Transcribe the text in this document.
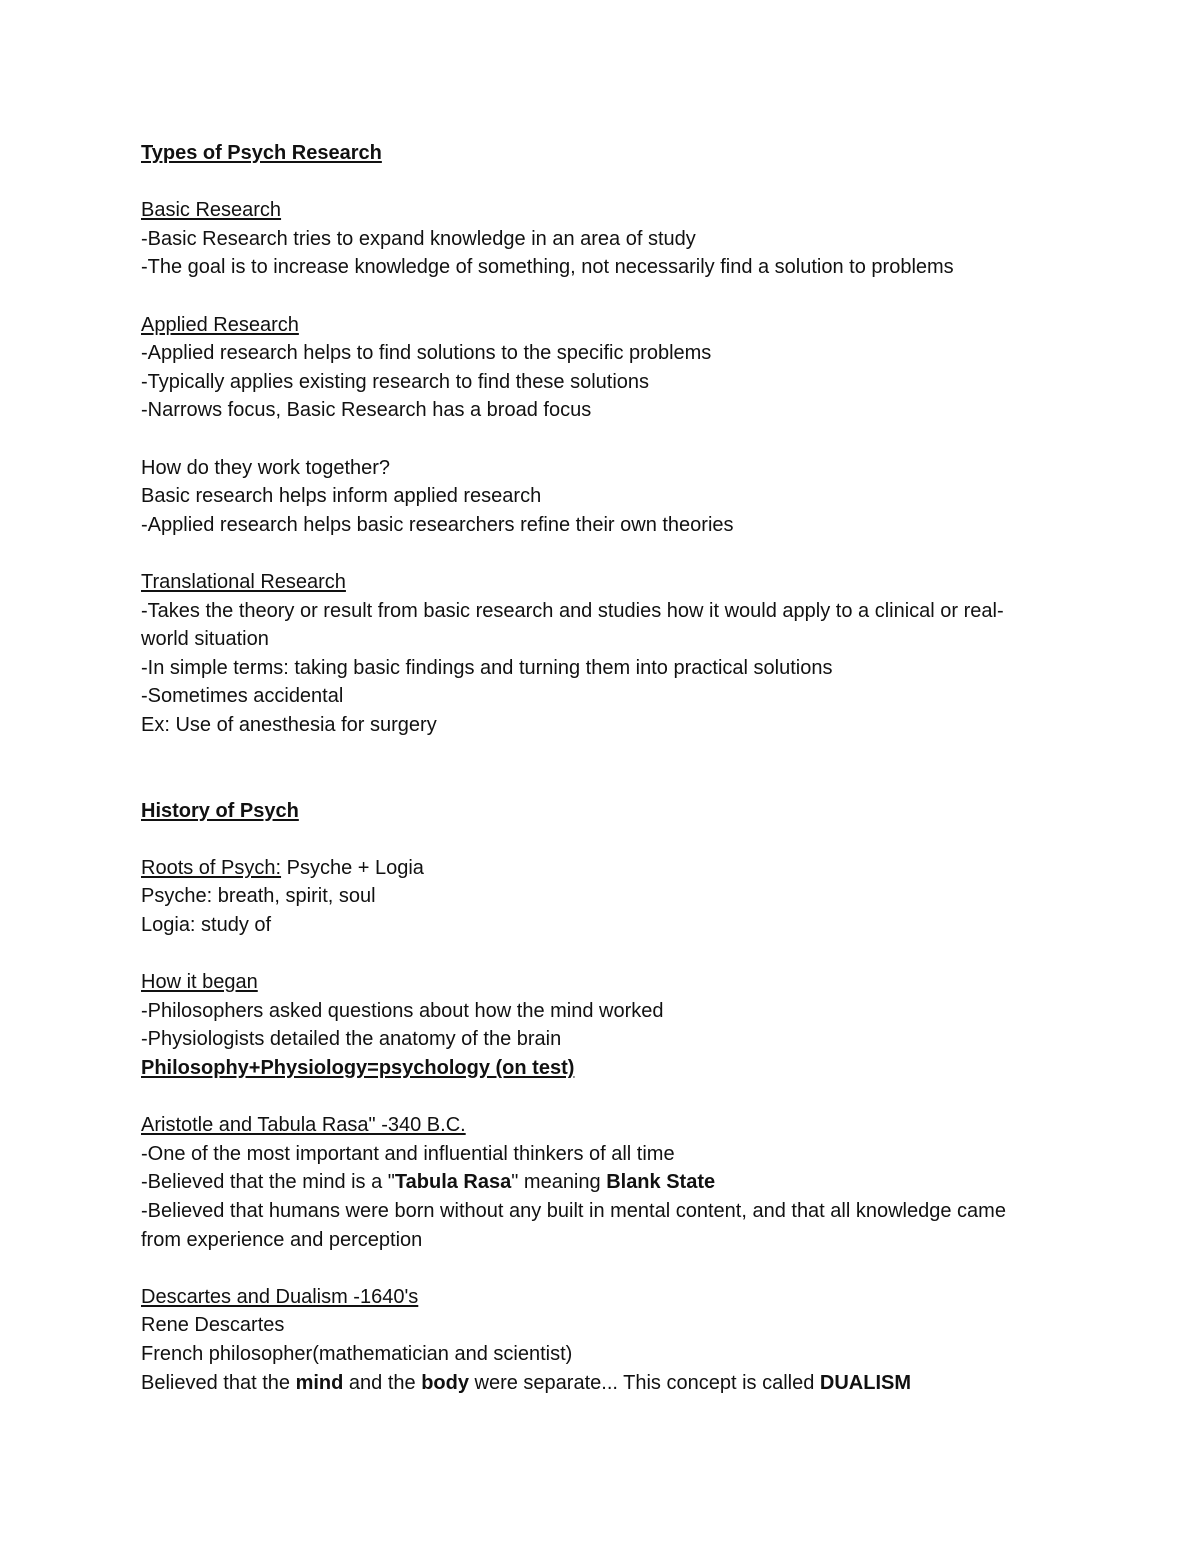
Types of Psych Research
Basic Research
-Basic Research tries to expand knowledge in an area of study
-The goal is to increase knowledge of something, not necessarily find a solution to problems
Applied Research
-Applied research helps to find solutions to the specific problems
-Typically applies existing research to find these solutions
-Narrows focus, Basic Research has a broad focus
How do they work together?
Basic research helps inform applied research
-Applied research helps basic researchers refine their own theories
Translational Research
-Takes the theory or result from basic research and studies how it would apply to a clinical or real-world situation
-In simple terms: taking basic findings and turning them into practical solutions
-Sometimes accidental
Ex: Use of anesthesia for surgery
History of Psych
Roots of Psych: Psyche + Logia
Psyche: breath, spirit, soul
Logia: study of
How it began
-Philosophers asked questions about how the mind worked
-Physiologists detailed the anatomy of the brain
Philosophy+Physiology=psychology (on test)
Aristotle and Tabula Rasa" -340 B.C.
-One of the most important and influential thinkers of all time
-Believed that the mind is a "Tabula Rasa" meaning Blank State
-Believed that humans were born without any built in mental content, and that all knowledge came from experience and perception
Descartes and Dualism -1640's
Rene Descartes
French philosopher(mathematician and scientist)
Believed that the mind and the body were separate... This concept is called DUALISM
